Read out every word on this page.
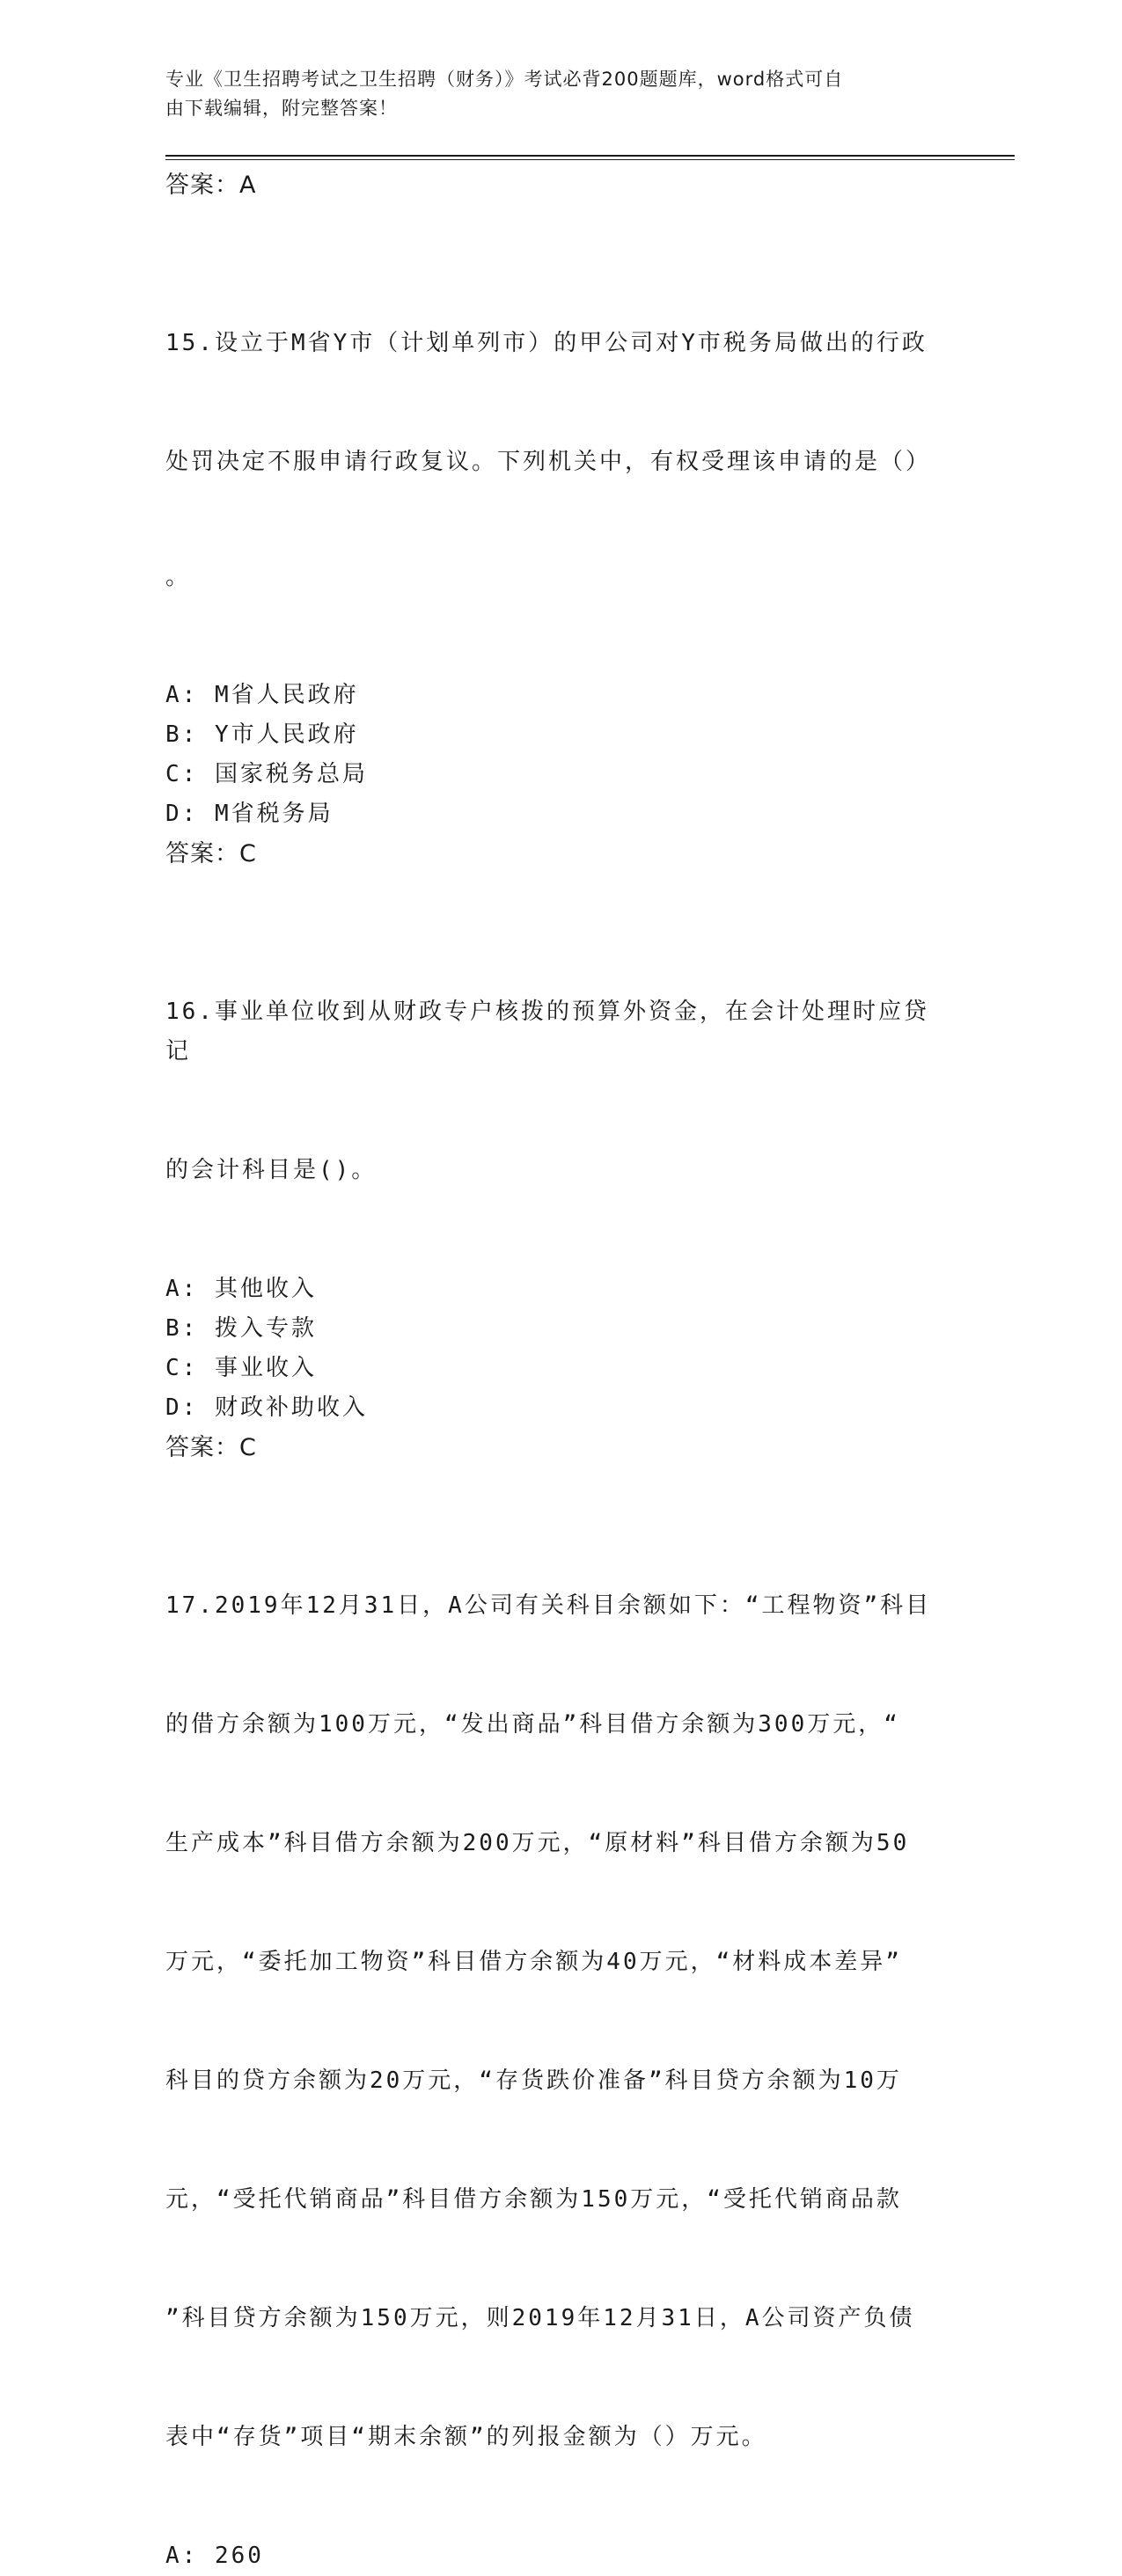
专业《卫生招聘考试之卫生招聘（财务）》考试必背200题题库，word格式可自
由下载编辑，附完整答案！
答案：A

15.设立于M省Y市（计划单列市）的甲公司对Y市税务局做出的行政

处罚决定不服申请行政复议。下列机关中，有权受理该申请的是（）

。

A: M省人民政府
B: Y市人民政府
C: 国家税务总局
D: M省税务局
答案：C

16.事业单位收到从财政专户核拨的预算外资金，在会计处理时应贷记

的会计科目是()。

A: 其他收入
B: 拨入专款
C: 事业收入
D: 财政补助收入
答案：C

17.2019年12月31日，A公司有关科目余额如下：“工程物资”科目

的借方余额为100万元，“发出商品”科目借方余额为300万元，“

生产成本”科目借方余额为200万元，“原材料”科目借方余额为50

万元，“委托加工物资”科目借方余额为40万元，“材料成本差异”

科目的贷方余额为20万元，“存货跌价准备”科目贷方余额为10万

元，“受托代销商品”科目借方余额为150万元，“受托代销商品款

”科目贷方余额为150万元，则2019年12月31日，A公司资产负债

表中“存货”项目“期末余额”的列报金额为（）万元。

A: 260
